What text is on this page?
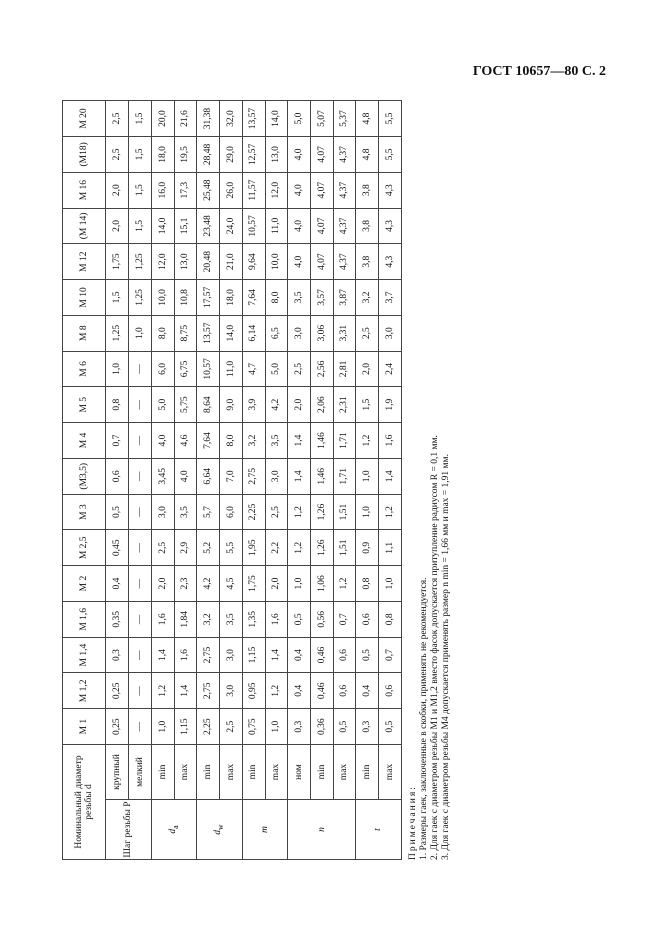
ГОСТ 10657—80 С. 2
Номинальный диаметр резьбы d		M 1	M 1,2	M 1,4	M 1,6	M 2	M 2,5	M 3	(M3,5)	M 4	M 5	M 6	M 8	M 10	M 12	(M 14)	M 16	(M18)	M 20
Шаг резьбы P	крупный	0,25	0,25	0,3	0,35	0,4	0,45	0,5	0,6	0,7	0,8	1,0	1,25	1,5	1,75	2,0	2,0	2,5	2,5
	мелкий	—	—	—	—	—	—	—	—	—	—	—	1,0	1,25	1,25	1,5	1,5	1,5	1,5
$d_a$	min	1,0	1,2	1,4	1,6	2,0	2,5	3,0	3,45	4,0	5,0	6,0	8,0	10,0	12,0	14,0	16,0	18,0	20,0
	max	1,15	1,4	1,6	1,84	2,3	2,9	3,5	4,0	4,6	5,75	6,75	8,75	10,8	13,0	15,1	17,3	19,5	21,6
$d_w$	min	2,25	2,75	2,75	3,2	4,2	5,2	5,7	6,64	7,64	8,64	10,57	13,57	17,57	20,48	23,48	25,48	28,48	31,38
	max	2,5	3,0	3,0	3,5	4,5	5,5	6,0	7,0	8,0	9,0	11,0	14,0	18,0	21,0	24,0	26,0	29,0	32,0
m	min	0,75	0,95	1,15	1,35	1,75	1,95	2,25	2,75	3,2	3,9	4,7	6,14	7,64	9,64	10,57	11,57	12,57	13,57
	max	1,0	1,2	1,4	1,6	2,0	2,2	2,5	3,0	3,5	4,2	5,0	6,5	8,0	10,0	11,0	12,0	13,0	14,0
n	ном	0,3	0,4	0,4	0,5	1,0	1,2	1,2	1,4	1,4	2,0	2,5	3,0	3,5	4,0	4,0	4,0	4,0	5,0
	min	0,36	0,46	0,46	0,56	1,06	1,26	1,26	1,46	1,46	2,06	2,56	3,06	3,57	4,07	4,07	4,07	4,07	5,07
	max	0,5	0,6	0,6	0,7	1,2	1,51	1,51	1,71	1,71	2,31	2,81	3,31	3,87	4,37	4,37	4,37	4,37	5,37
t	min	0,3	0,4	0,5	0,6	0,8	0,9	1,0	1,0	1,2	1,5	2,0	2,5	3,2	3,8	3,8	3,8	4,8	4,8
	max	0,5	0,6	0,7	0,8	1,0	1,1	1,2	1,4	1,6	1,9	2,4	3,0	3,7	4,3	4,3	4,3	5,5	5,5
Примечания: 1. Размеры гаек, заключенные в скобки, применять не рекомендуется. 2. Для гаек с диаметром резьбы M1 и M1,2 вместо фасок допускается притупление радиусом R = 0,1 мм. 3. Для гаек с диаметром резьбы M4 допускается применять размер n min = 1,66 мм и max = 1,91 мм.
